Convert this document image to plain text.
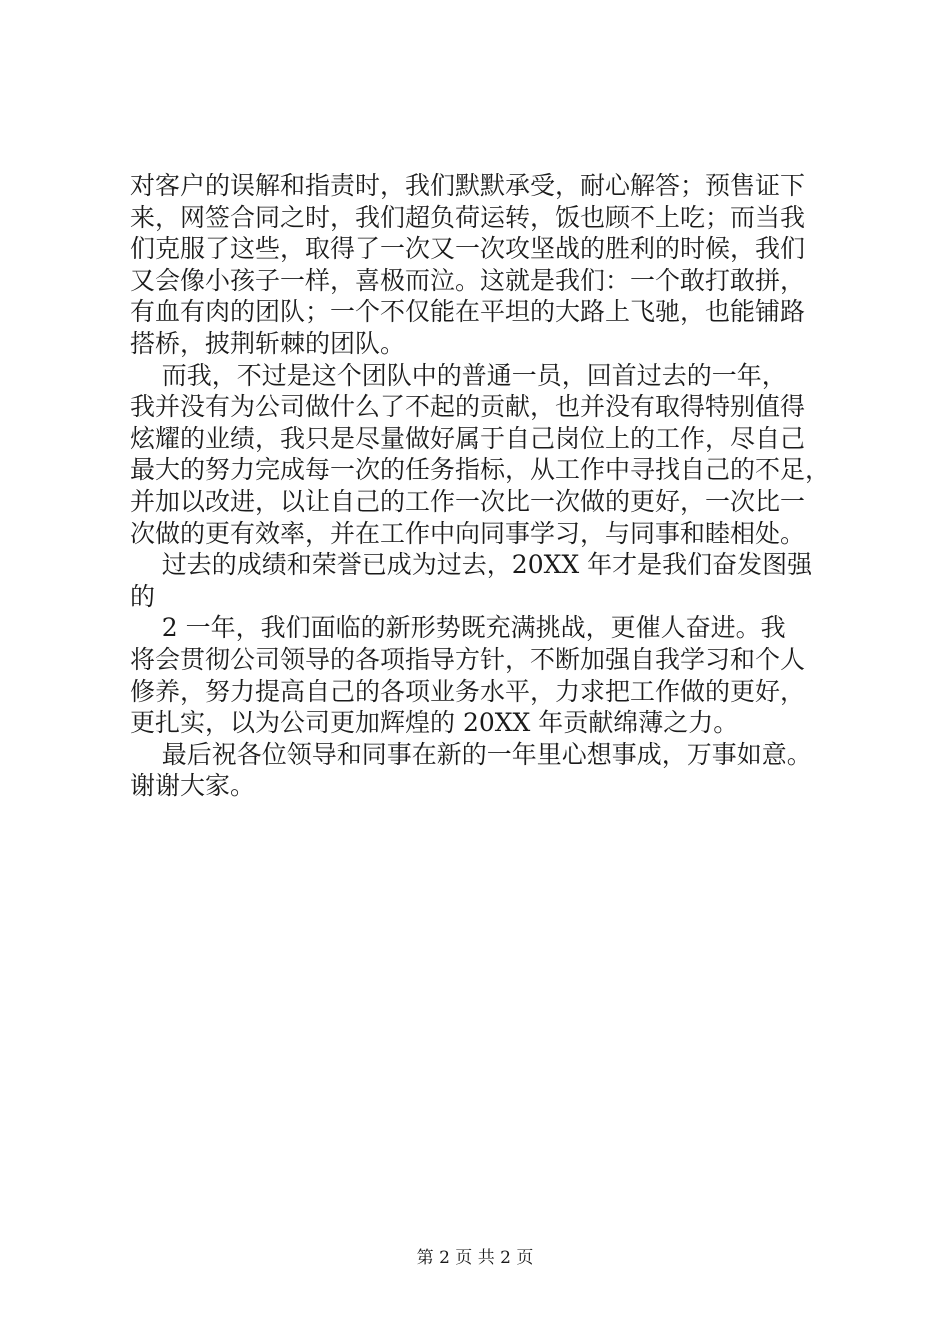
对客户的误解和指责时，我们默默承受，耐心解答；预售证下

来，网签合同之时，我们超负荷运转，饭也顾不上吃；而当我

们克服了这些，取得了一次又一次攻坚战的胜利的时候，我们

又会像小孩子一样，喜极而泣。这就是我们：一个敢打敢拼，

有血有肉的团队；一个不仅能在平坦的大路上飞驰，也能铺路

搭桥，披荆斩棘的团队。

而我，不过是这个团队中的普通一员，回首过去的一年，

我并没有为公司做什么了不起的贡献，也并没有取得特别值得

炫耀的业绩，我只是尽量做好属于自己岗位上的工作，尽自己

最大的努力完成每一次的任务指标，从工作中寻找自己的不足，

并加以改进，以让自己的工作一次比一次做的更好，一次比一

次做的更有效率，并在工作中向同事学习，与同事和睦相处。

过去的成绩和荣誉已成为过去，20XX 年才是我们奋发图强

的

2 一年，我们面临的新形势既充满挑战，更催人奋进。我

将会贯彻公司领导的各项指导方针，不断加强自我学习和个人

修养，努力提高自己的各项业务水平，力求把工作做的更好，

更扎实，以为公司更加辉煌的 20XX 年贡献绵薄之力。

最后祝各位领导和同事在新的一年里心想事成，万事如意。

谢谢大家。

第 2 页 共 2 页
